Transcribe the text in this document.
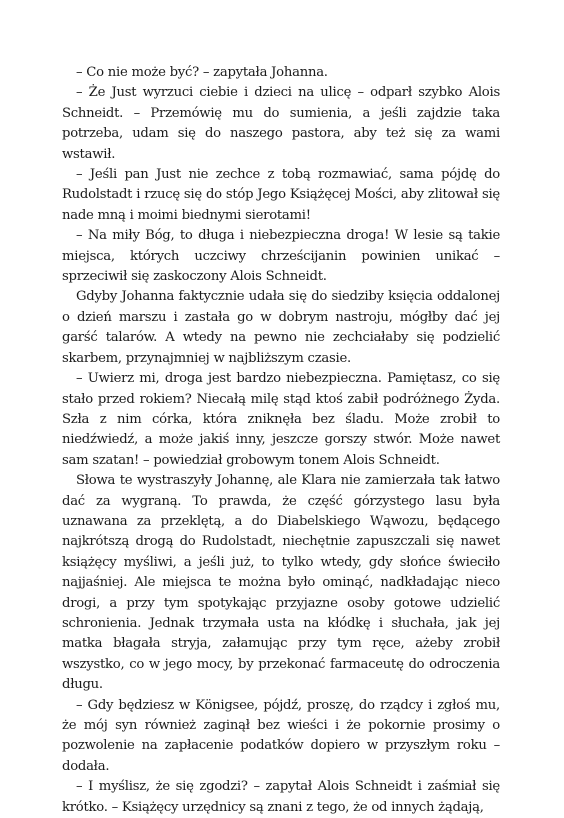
– Co nie może być? – zapytała Johanna.

– Że Just wyrzuci ciebie i dzieci na ulicę – odparł szybko Alois Schneidt. – Przemówię mu do sumienia, a jeśli zajdzie taka potrzeba, udam się do naszego pastora, aby też się za wami wstawił.

– Jeśli pan Just nie zechce z tobą rozmawiać, sama pójdę do Rudolstadt i rzucę się do stóp Jego Książęcej Mości, aby zlitował się nade mną i moimi biednymi sierotami!

– Na miły Bóg, to długa i niebezpieczna droga! W lesie są takie miejsca, których uczciwy chrześcijanin powinien unikać – sprzeciwił się zaskoczony Alois Schneidt.

Gdyby Johanna faktycznie udała się do siedziby księcia oddalonej o dzień marszu i zastała go w dobrym nastroju, mógłby dać jej garść talarów. A wtedy na pewno nie zechciałaby się podzielić skarbem, przynajmniej w najbliższym czasie.

– Uwierz mi, droga jest bardzo niebezpieczna. Pamiętasz, co się stało przed rokiem? Niecałą milę stąd ktoś zabił podróżnego Żyda. Szła z nim córka, która zniknęła bez śladu. Może zrobił to niedźwiedź, a może jakiś inny, jeszcze gorszy stwór. Może nawet sam szatan! – powiedział grobowym tonem Alois Schneidt.

Słowa te wystraszyły Johannę, ale Klara nie zamierzała tak łatwo dać za wygraną. To prawda, że część górzystego lasu była uznawana za przeklętą, a do Diabelskiego Wąwozu, będącego najkrótszą drogą do Rudolstadt, niechętnie zapuszczali się nawet książęcy myśliwi, a jeśli już, to tylko wtedy, gdy słońce świeciło najjaśniej. Ale miejsca te można było ominąć, nadkładając nieco drogi, a przy tym spotykając przyjazne osoby gotowe udzielić schronienia. Jednak trzymała usta na kłódkę i słuchała, jak jej matka błagała stryja, załamując przy tym ręce, ażeby zrobił wszystko, co w jego mocy, by przekonać farmaceutę do odroczenia długu.

– Gdy będziesz w Königsee, pójdź, proszę, do rządcy i zgłoś mu, że mój syn również zaginął bez wieści i że pokornie prosimy o pozwolenie na zapłacenie podatków dopiero w przyszłym roku – dodała.

– I myślisz, że się zgodzi? – zapytał Alois Schneidt i zaśmiał się krótko. – Książęcy urzędnicy są znani z tego, że od innych żądają,
